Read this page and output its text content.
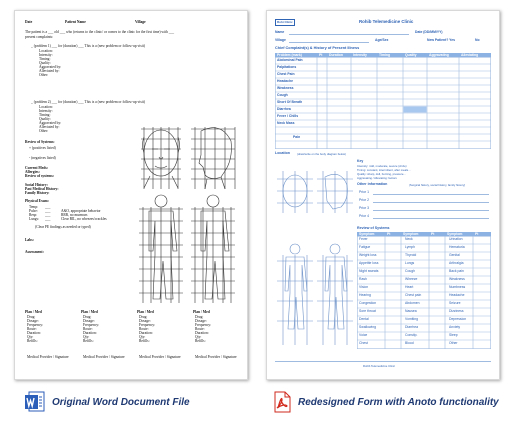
Date	Patient Name	Village
The patient is a ___ old ___ who (returns to the clinic/ or comes to the clinic for the first time) with ___
present complaints:
_ (problem 1) ___ for (duration) ___ This is a (new problem or follow-up visit)
Location:
Intensity:
Timing:
Quality:
Aggravated by:
Alleviated by:
Other:
_ (problem 2) ___ for (duration) ___ This is a (new problem or follow-up visit)
Location:
Intensity:
Timing:
Quality:
Aggravated by:
Alleviated by:
Other:
Review of Systems:
+ (positives listed)
- (negatives listed)
Current Meds:
Allergies:
Review of systems:
Social History:
Past Medical History:
Family History:
Physical Exam:
Temp:
Pulse:
Resp:
Lungs:
___
___
___
___
A&O, appropriate behavior
RRR, no murmurs
Clear BIL, no wheezes/crackles
(Clear PE findings as needed or typed)
Labs:
Assessment:
Plan / Med
Drug:
Dosage:
Frequency:
Route:
Duration:
Qty:
Refills:
Medical Provider / Signature
Plan / Med
Drug:
Dosage:
Frequency:
Route:
Duration:
Qty:
Refills:
Medical Provider / Signature
Plan / Med
Drug:
Dosage:
Frequency:
Route:
Duration:
Qty:
Refills:
Medical Provider / Signature
Plan / Med
Drug:
Dosage:
Frequency:
Route:
Duration:
Qty:
Refills:
Medical Provider / Signature
Rohi Clinic	Rohib Telemedicine Clinic
Name	Date (DD/MM/YY)
Village	Age/Sex	New Patient? Yes	No
Chief Complaint(s) & History of Present Illness
Problem (mark)	Pt Duration	Intensity	Timing	Quality	Aggravating	Alleviating
Abdominal Pain
Palpitations
Chest Pain
Headache
Weakness
Cough
Short Of Breath
Diarrhea
Fever / Chills
Neck Mass
Pain
Location	(draw/write on the body diagram below)
Key
Intensity: mild, moderate, severe (circle)
Timing: constant, intermittent, after meals...
Quality: sharp, dull, burning, pressure...
Aggravating / Alleviating: factors
Other information	(Surgical history, social history, family history)
Prior 1
Prior 2
Prior 3
Prior 4
Review of Systems
Symptom	Pt	Symptom	Pt	Symptom	Pt
Rohib Telemedicine Clinic
Fever	Neck	Urination
Fatigue	Lymph	Hematuria
Weight loss	Thyroid	Genital
Appetite loss	Lungs	Arthralgia
Night sweats	Cough	Back pain
Rash	Wheeze	Weakness
Vision	Heart	Numbness
Hearing	Chest pain	Headache
Congestion	Abdomen	Seizure
Sore throat	Nausea	Dizziness
Dental	Vomiting	Depression
Swallowing	Diarrhea	Anxiety
Voice	Constip.	Sleep
Chest	Blood	Other
Original Word Document File	Redesigned Form with Anoto functionality
